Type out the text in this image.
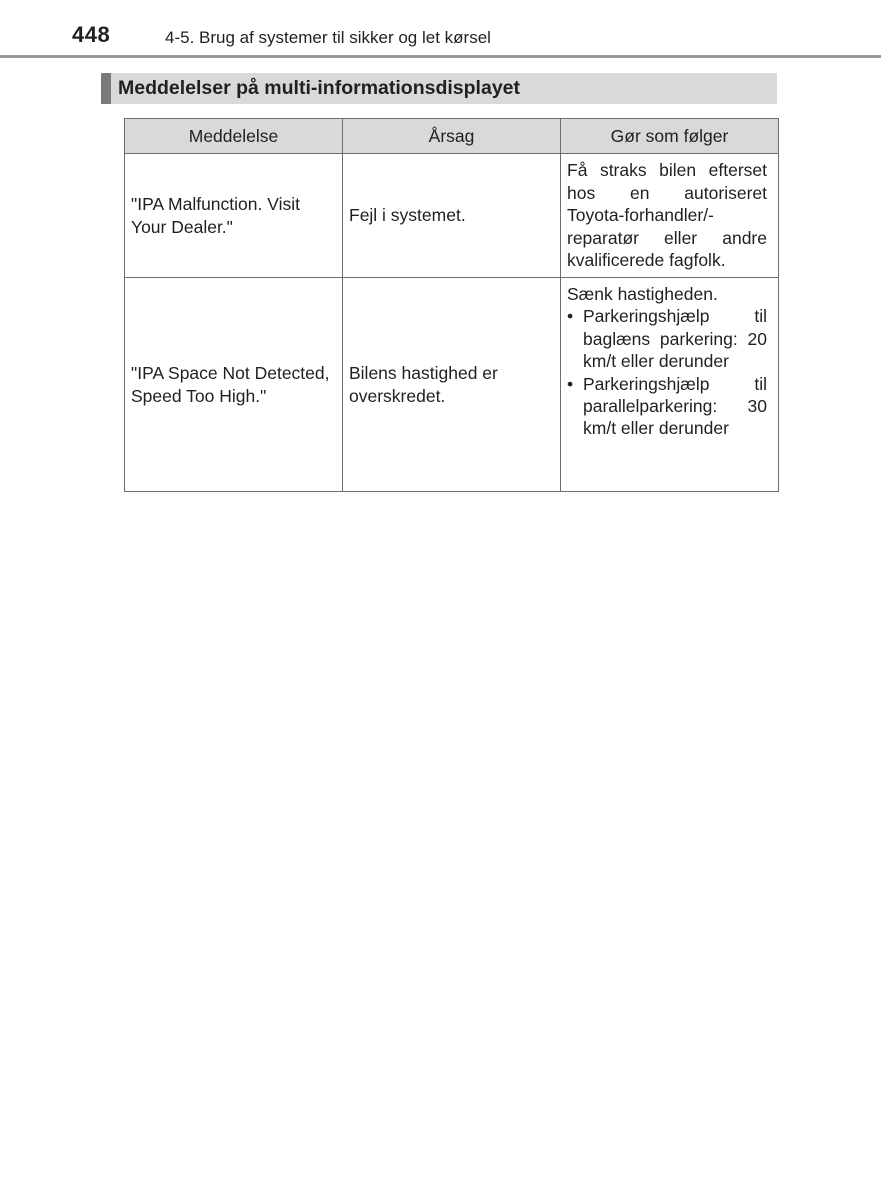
448	4-5. Brug af systemer til sikker og let kørsel
Meddelelser på multi-informationsdisplayet
Meddelelse	Årsag	Gør som følger
"IPA Malfunction. Visit Your Dealer."	Fejl i systemet.	Få straks bilen efterset hos en autoriseret Toyota-forhandler/-reparatør eller andre kvalificerede fagfolk.

"IPA Space Not Detected, Speed Too High."	Bilens hastighed er overskredet.	Sænk hastigheden.
• Parkeringshjælp til baglæns parkering: 20 km/t eller derunder
• Parkeringshjælp til parallelparkering: 30 km/t eller derunder
